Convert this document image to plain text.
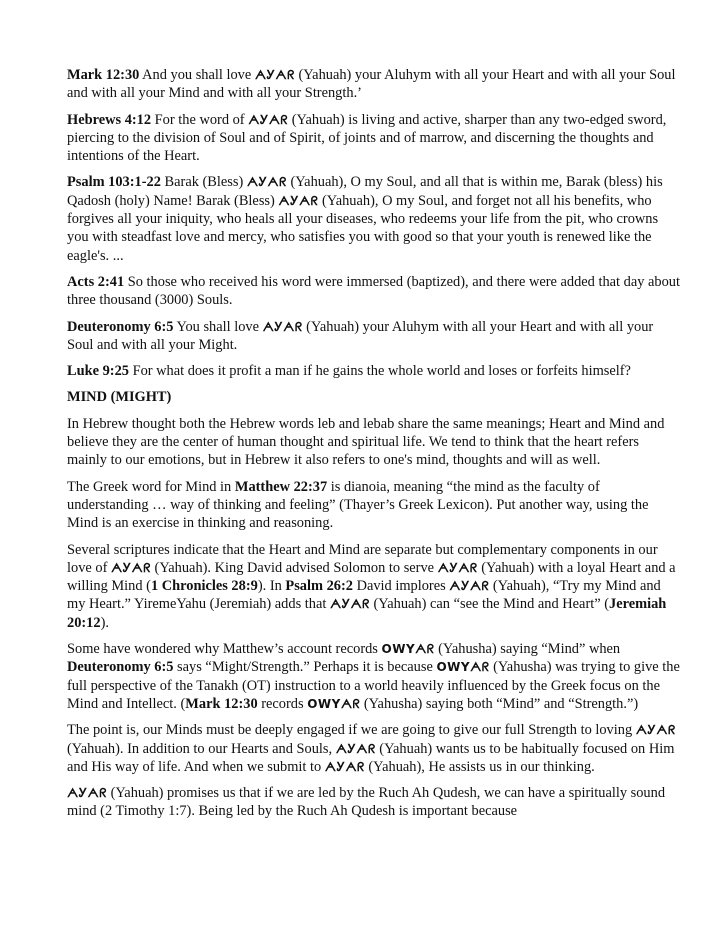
Mark 12:30 And you shall love ᗅᎩᗅᖇ (Yahuah) your Aluhym with all your Heart and with all your Soul and with all your Mind and with all your Strength.’

Hebrews 4:12 For the word of ᗅᎩᗅᖇ (Yahuah) is living and active, sharper than any two-edged sword, piercing to the division of Soul and of Spirit, of joints and of marrow, and discerning the thoughts and intentions of the Heart.

Psalm 103:1-22 Barak (Bless) ᗅᎩᗅᖇ (Yahuah), O my Soul, and all that is within me, Barak (bless) his Qadosh (holy) Name! Barak (Bless) ᗅᎩᗅᖇ (Yahuah), O my Soul, and forget not all his benefits, who forgives all your iniquity, who heals all your diseases, who redeems your life from the pit, who crowns you with steadfast love and mercy, who satisfies you with good so that your youth is renewed like the eagle's. ...

Acts 2:41 So those who received his word were immersed (baptized), and there were added that day about three thousand (3000) Souls.

Deuteronomy 6:5 You shall love ᗅᎩᗅᖇ (Yahuah) your Aluhym with all your Heart and with all your Soul and with all your Might.

Luke 9:25 For what does it profit a man if he gains the whole world and loses or forfeits himself?

MIND (MIGHT)

In Hebrew thought both the Hebrew words leb and lebab share the same meanings; Heart and Mind and believe they are the center of human thought and spiritual life. We tend to think that the heart refers mainly to our emotions, but in Hebrew it also refers to one's mind, thoughts and will as well.

The Greek word for Mind in Matthew 22:37 is dianoia, meaning “the mind as the faculty of understanding … way of thinking and feeling” (Thayer’s Greek Lexicon). Put another way, using the Mind is an exercise in thinking and reasoning.

Several scriptures indicate that the Heart and Mind are separate but complementary components in our love of ᗅᎩᗅᖇ (Yahuah). King David advised Solomon to serve ᗅᎩᗅᖇ (Yahuah) with a loyal Heart and a willing Mind (1 Chronicles 28:9). In Psalm 26:2 David implores ᗅᎩᗅᖇ (Yahuah), “Try my Mind and my Heart.” YiremeYahu (Jeremiah) adds that ᗅᎩᗅᖇ (Yahuah) can “see the Mind and Heart” (Jeremiah 20:12).

Some have wondered why Matthew’s account records OWYᗅᖇ (Yahusha) saying “Mind” when Deuteronomy 6:5 says “Might/Strength.” Perhaps it is because OWYᗅᖇ (Yahusha) was trying to give the full perspective of the Tanakh (OT) instruction to a world heavily influenced by the Greek focus on the Mind and Intellect. (Mark 12:30 records OWYᗅᖇ (Yahusha) saying both “Mind” and “Strength.”)

The point is, our Minds must be deeply engaged if we are going to give our full Strength to loving ᗅᎩᗅᖇ (Yahuah). In addition to our Hearts and Souls, ᗅᎩᗅᖇ (Yahuah) wants us to be habitually focused on Him and His way of life. And when we submit to ᗅᎩᗅᖇ (Yahuah), He assists us in our thinking.

ᗅᎩᗅᖇ (Yahuah) promises us that if we are led by the Ruch Ah Qudesh, we can have a spiritually sound mind (2 Timothy 1:7). Being led by the Ruch Ah Qudesh is important because
